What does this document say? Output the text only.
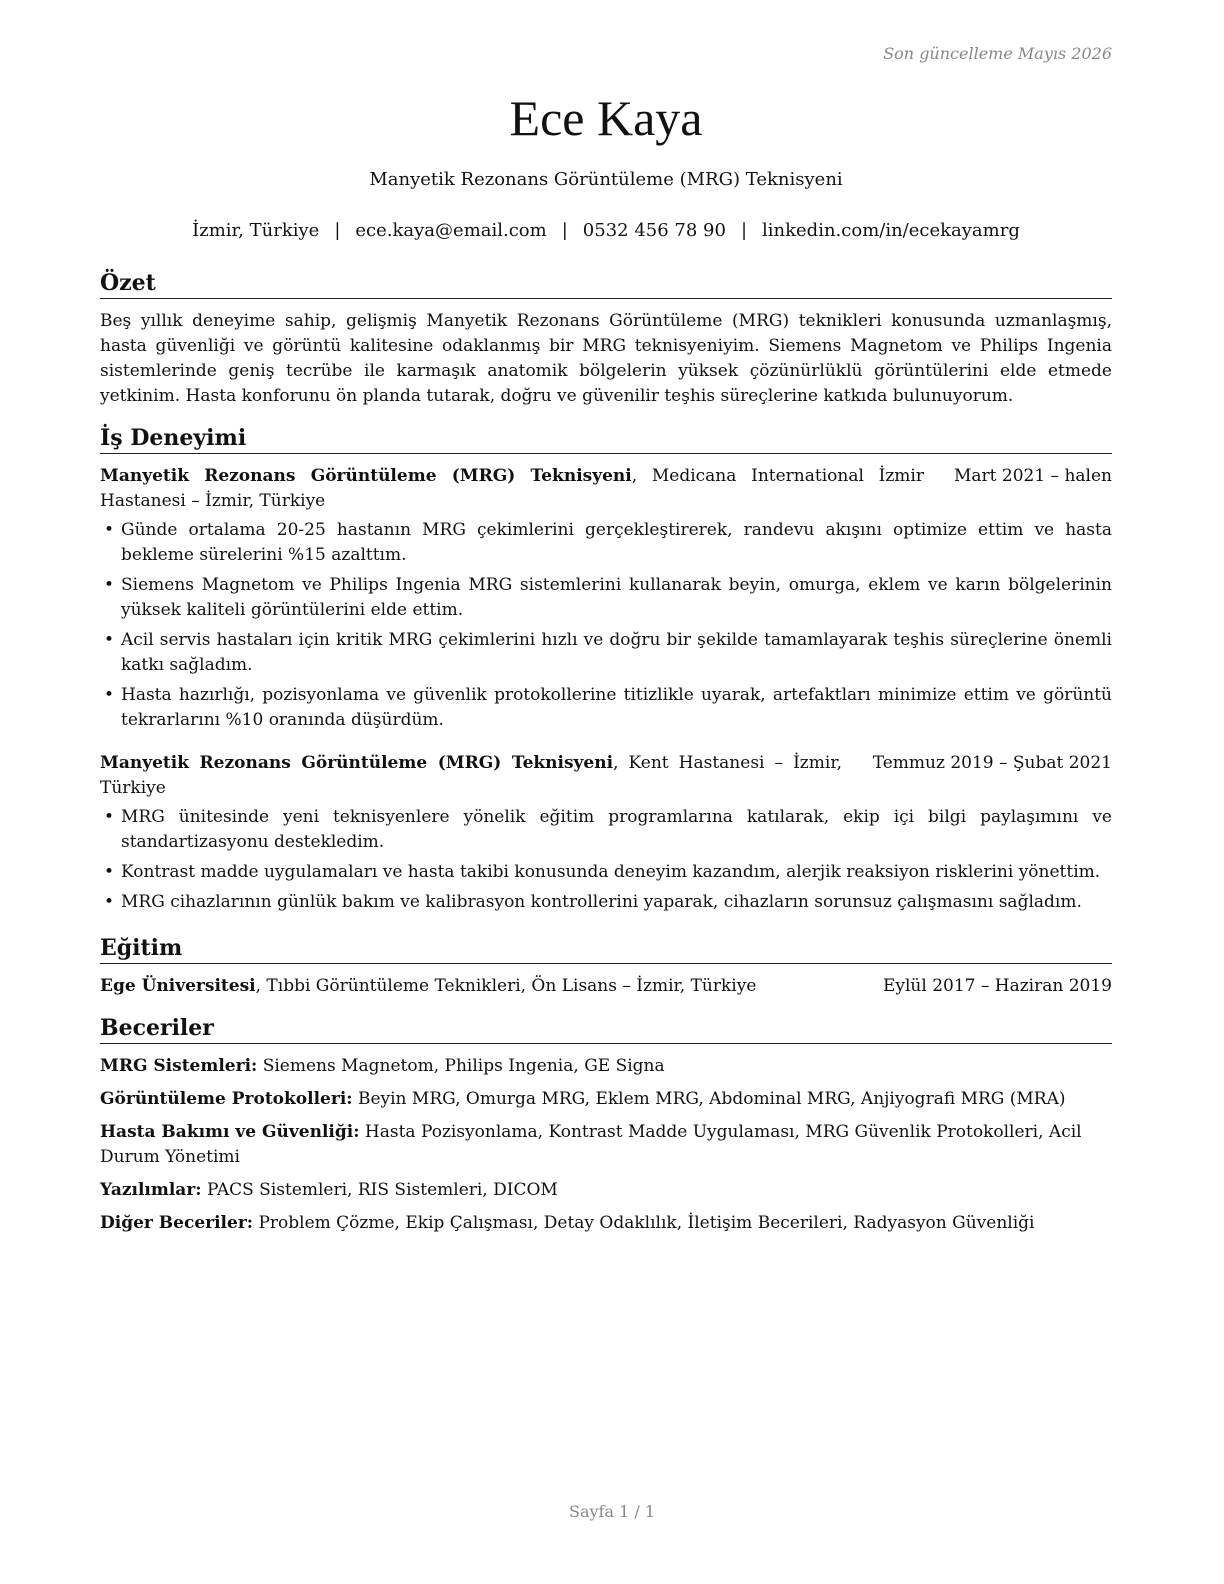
Son güncelleme Mayıs 2026
Ece Kaya
Manyetik Rezonans Görüntüleme (MRG) Teknisyeni
İzmir, Türkiye | ece.kaya@email.com | 0532 456 78 90 | linkedin.com/in/ecekayamrg
Özet
Beş yıllık deneyime sahip, gelişmiş Manyetik Rezonans Görüntüleme (MRG) teknikleri konusunda uzmanlaşmış, hasta güvenliği ve görüntü kalitesine odaklanmış bir MRG teknisyeniyim. Siemens Magnetom ve Philips Ingenia sistemlerinde geniş tecrübe ile karmaşık anatomik bölgelerin yüksek çözünürlüklü görüntülerini elde etmede yetkinim. Hasta konforunu ön planda tutarak, doğru ve güvenilir teşhis süreçlerine katkıda bulunuyorum.
İş Deneyimi
Manyetik Rezonans Görüntüleme (MRG) Teknisyeni, Medicana International İzmir Hastanesi – İzmir, Türkiye
Mart 2021 – halen
• Günde ortalama 20-25 hastanın MRG çekimlerini gerçekleştirerek, randevu akışını optimize ettim ve hasta bekleme sürelerini %15 azalttım.
• Siemens Magnetom ve Philips Ingenia MRG sistemlerini kullanarak beyin, omurga, eklem ve karın bölgelerinin yüksek kaliteli görüntülerini elde ettim.
• Acil servis hastaları için kritik MRG çekimlerini hızlı ve doğru bir şekilde tamamlayarak teşhis süreçlerine önemli katkı sağladım.
• Hasta hazırlığı, pozisyonlama ve güvenlik protokollerine titizlikle uyarak, artefaktları minimize ettim ve görüntü tekrarlarını %10 oranında düşürdüm.
Manyetik Rezonans Görüntüleme (MRG) Teknisyeni, Kent Hastanesi – İzmir, Türkiye
Temmuz 2019 – Şubat 2021
• MRG ünitesinde yeni teknisyenlere yönelik eğitim programlarına katılarak, ekip içi bilgi paylaşımını ve standartizasyonu destekledim.
• Kontrast madde uygulamaları ve hasta takibi konusunda deneyim kazandım, alerjik reaksiyon risklerini yönettim.
• MRG cihazlarının günlük bakım ve kalibrasyon kontrollerini yaparak, cihazların sorunsuz çalışmasını sağladım.
Eğitim
Ege Üniversitesi, Tıbbi Görüntüleme Teknikleri, Ön Lisans – İzmir, Türkiye	Eylül 2017 – Haziran 2019
Beceriler
MRG Sistemleri: Siemens Magnetom, Philips Ingenia, GE Signa
Görüntüleme Protokolleri: Beyin MRG, Omurga MRG, Eklem MRG, Abdominal MRG, Anjiyografi MRG (MRA)
Hasta Bakımı ve Güvenliği: Hasta Pozisyonlama, Kontrast Madde Uygulaması, MRG Güvenlik Protokolleri, Acil Durum Yönetimi
Yazılımlar: PACS Sistemleri, RIS Sistemleri, DICOM
Diğer Beceriler: Problem Çözme, Ekip Çalışması, Detay Odaklılık, İletişim Becerileri, Radyasyon Güvenliği
Sayfa 1 / 1
